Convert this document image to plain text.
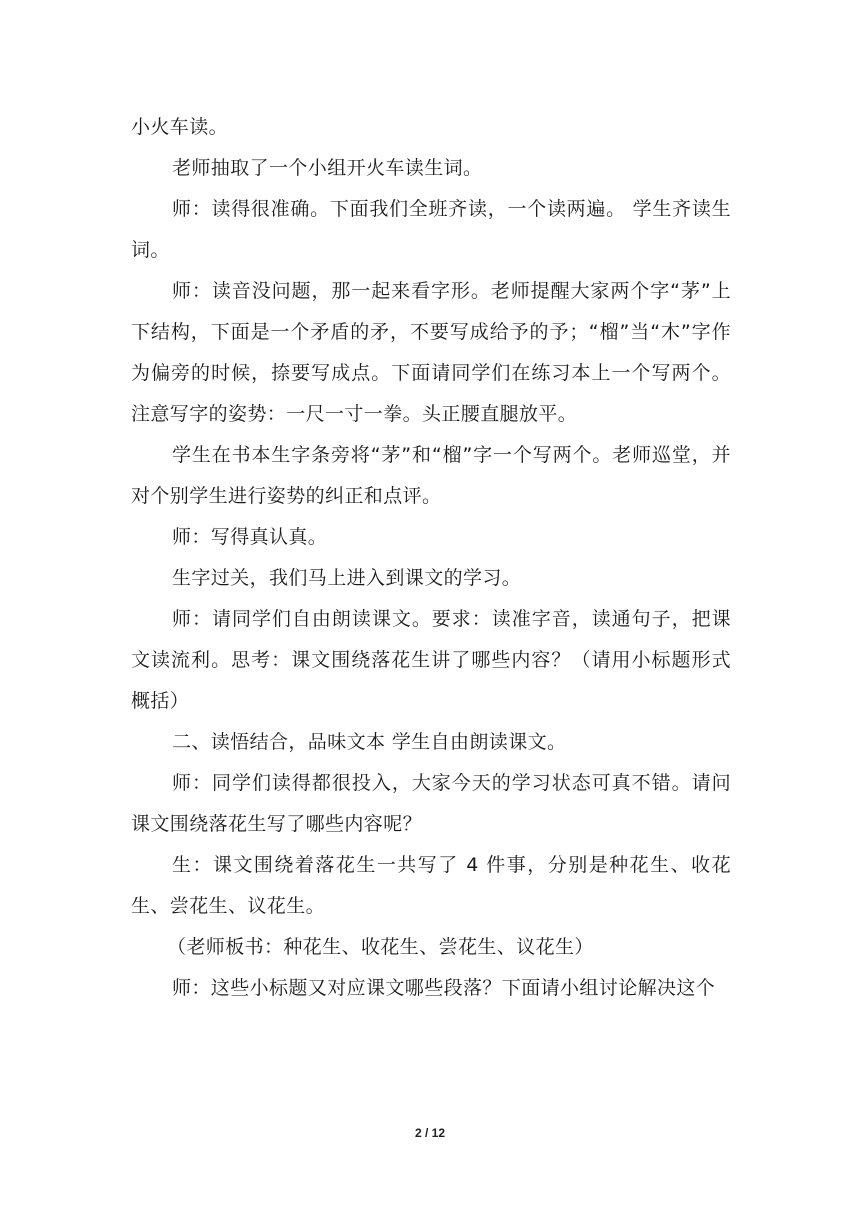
小火车读。

老师抽取了一个小组开火车读生词。

师：读得很准确。下面我们全班齐读，一个读两遍。 学生齐读生词。

师：读音没问题，那一起来看字形。老师提醒大家两个字“茅”上下结构，下面是一个矛盾的矛，不要写成给予的予；“榴”当“木”字作为偏旁的时候，捺要写成点。下面请同学们在练习本上一个写两个。注意写字的姿势：一尺一寸一拳。头正腰直腿放平。

学生在书本生字条旁将“茅”和“榴”字一个写两个。老师巡堂，并对个别学生进行姿势的纠正和点评。

师：写得真认真。

生字过关，我们马上进入到课文的学习。

师：请同学们自由朗读课文。要求：读准字音，读通句子，把课文读流利。思考：课文围绕落花生讲了哪些内容？（请用小标题形式概括）

二、读悟结合，品味文本 学生自由朗读课文。

师：同学们读得都很投入，大家今天的学习状态可真不错。请问课文围绕落花生写了哪些内容呢？

生：课文围绕着落花生一共写了 4 件事，分别是种花生、收花生、尝花生、议花生。

（老师板书：种花生、收花生、尝花生、议花生）

师：这些小标题又对应课文哪些段落？下面请小组讨论解决这个

2 / 12
